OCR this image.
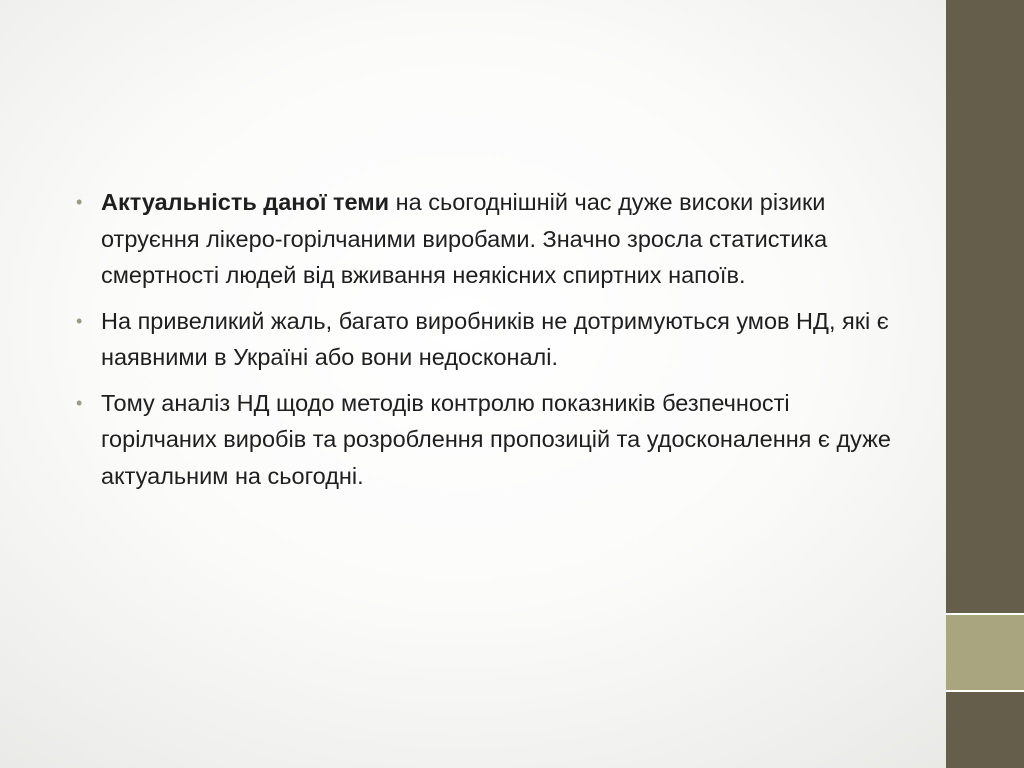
• Актуальність даної теми на сьогоднішній час дуже високи різики отруєння лікеро-горілчаними виробами. Значно зросла статистика смертності людей від вживання неякісних спиртних напоїв.
• На привеликий жаль, багато виробників не дотримуються умов НД, які є наявними в Україні або вони недосконалі.
• Тому аналіз НД щодо методів контролю показників безпечності горілчаних виробів та розроблення пропозицій та удосконалення є дуже актуальним на сьогодні.
